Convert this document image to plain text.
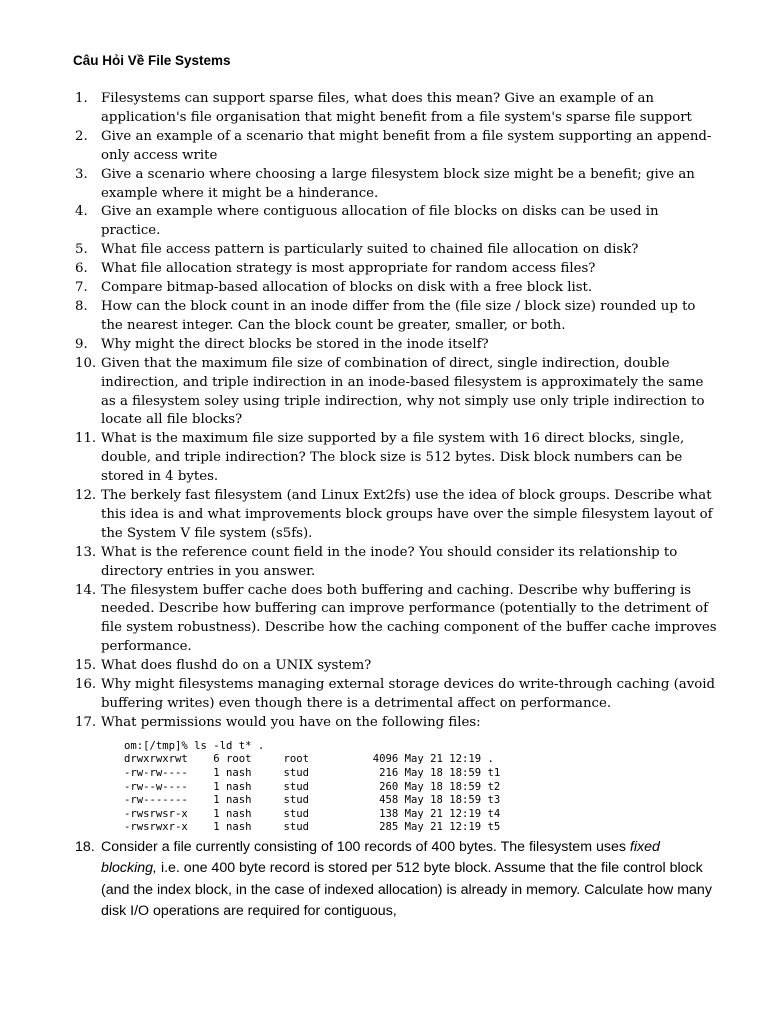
Câu Hỏi Về File Systems
1. Filesystems can support sparse files, what does this mean? Give an example of an application's file organisation that might benefit from a file system's sparse file support
2. Give an example of a scenario that might benefit from a file system supporting an append-only access write
3. Give a scenario where choosing a large filesystem block size might be a benefit; give an example where it might be a hinderance.
4. Give an example where contiguous allocation of file blocks on disks can be used in practice.
5. What file access pattern is particularly suited to chained file allocation on disk?
6. What file allocation strategy is most appropriate for random access files?
7. Compare bitmap-based allocation of blocks on disk with a free block list.
8. How can the block count in an inode differ from the (file size / block size) rounded up to the nearest integer. Can the block count be greater, smaller, or both.
9. Why might the direct blocks be stored in the inode itself?
10. Given that the maximum file size of combination of direct, single indirection, double indirection, and triple indirection in an inode-based filesystem is approximately the same as a filesystem soley using triple indirection, why not simply use only triple indirection to locate all file blocks?
11. What is the maximum file size supported by a file system with 16 direct blocks, single, double, and triple indirection? The block size is 512 bytes. Disk block numbers can be stored in 4 bytes.
12. The berkely fast filesystem (and Linux Ext2fs) use the idea of block groups. Describe what this idea is and what improvements block groups have over the simple filesystem layout of the System V file system (s5fs).
13. What is the reference count field in the inode? You should consider its relationship to directory entries in you answer.
14. The filesystem buffer cache does both buffering and caching. Describe why buffering is needed. Describe how buffering can improve performance (potentially to the detriment of file system robustness). Describe how the caching component of the buffer cache improves performance.
15. What does flushd do on a UNIX system?
16. Why might filesystems managing external storage devices do write-through caching (avoid buffering writes) even though there is a detrimental affect on performance.
17. What permissions would you have on the following files:
om:[/tmp]% ls -ld t* .
drwxrwxrwt    6 root     root          4096 May 21 12:19 .
-rw-rw----    1 nash     stud           216 May 18 18:59 t1
-rw--w----    1 nash     stud           260 May 18 18:59 t2
-rw-------    1 nash     stud           458 May 18 18:59 t3
-rwsrwsr-x    1 nash     stud           138 May 21 12:19 t4
-rwsrwxr-x    1 nash     stud           285 May 21 12:19 t5
18. Consider a file currently consisting of 100 records of 400 bytes. The filesystem uses fixed blocking, i.e. one 400 byte record is stored per 512 byte block. Assume that the file control block (and the index block, in the case of indexed allocation) is already in memory. Calculate how many disk I/O operations are required for contiguous,
